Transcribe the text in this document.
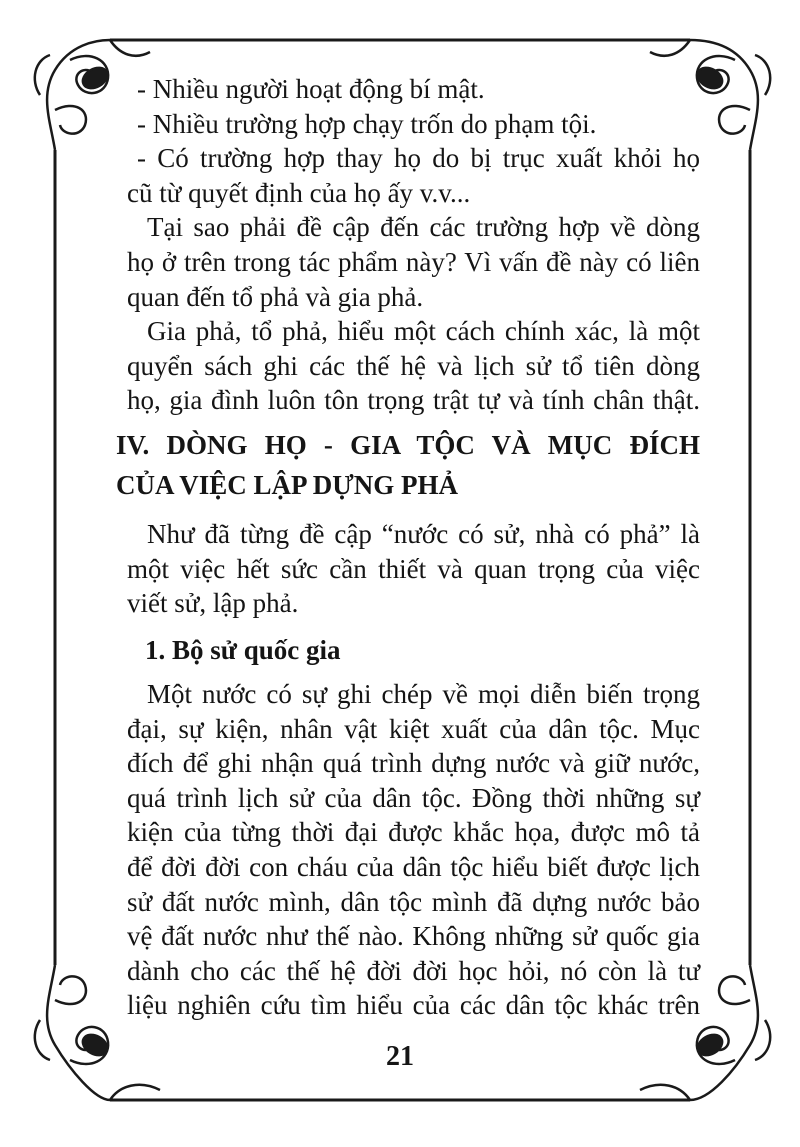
- Nhiều người hoạt động bí mật.
- Nhiều trường hợp chạy trốn do phạm tội.
- Có trường hợp thay họ do bị trục xuất khỏi họ
cũ từ quyết định của họ ấy v.v...
Tại sao phải đề cập đến các trường hợp về dòng
họ ở trên trong tác phẩm này? Vì vấn đề này có liên
quan đến tổ phả và gia phả.
Gia phả, tổ phả, hiểu một cách chính xác, là một
quyển sách ghi các thế hệ và lịch sử tổ tiên dòng
họ, gia đình luôn tôn trọng trật tự và tính chân thật.
IV. DÒNG HỌ - GIA TỘC VÀ MỤC ĐÍCH
CỦA VIỆC LẬP DỰNG PHẢ
Như đã từng đề cập “nước có sử, nhà có phả” là
một việc hết sức cần thiết và quan trọng của việc
viết sử, lập phả.
1. Bộ sử quốc gia
Một nước có sự ghi chép về mọi diễn biến trọng
đại, sự kiện, nhân vật kiệt xuất của dân tộc. Mục
đích để ghi nhận quá trình dựng nước và giữ nước,
quá trình lịch sử của dân tộc. Đồng thời những sự
kiện của từng thời đại được khắc họa, được mô tả
để đời đời con cháu của dân tộc hiểu biết được lịch
sử đất nước mình, dân tộc mình đã dựng nước bảo
vệ đất nước như thế nào. Không những sử quốc gia
dành cho các thế hệ đời đời học hỏi, nó còn là tư
liệu nghiên cứu tìm hiểu của các dân tộc khác trên
21
